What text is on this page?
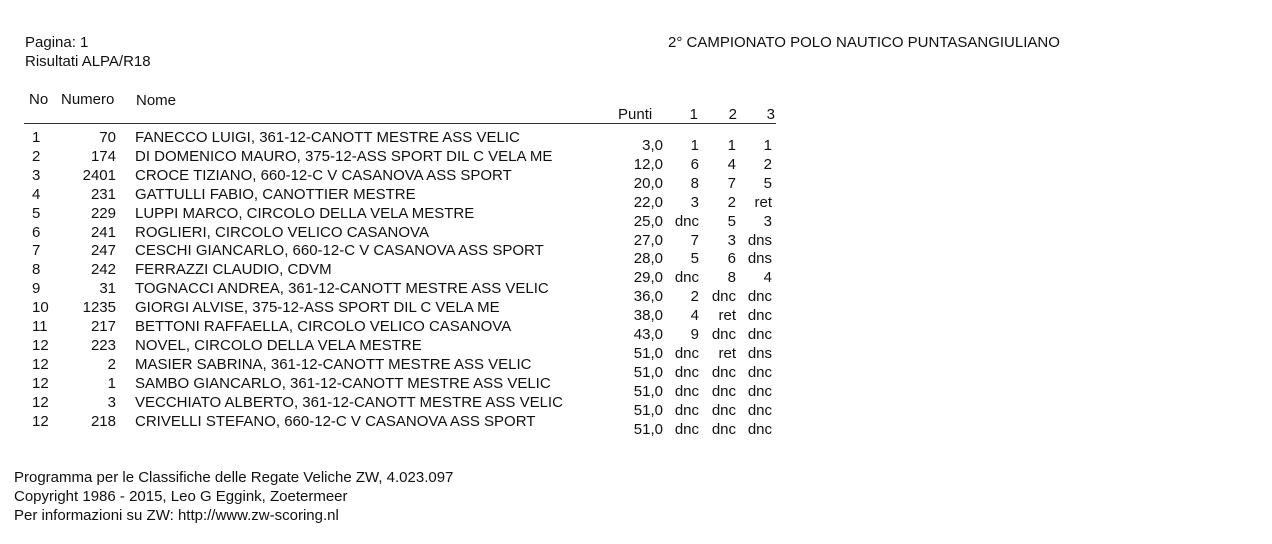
Pagina: 1
Risultati ALPA/R18
2° CAMPIONATO POLO NAUTICO PUNTASANGIULIANO
No Numero Nome
Punti 1 2 3
1	70 FANECCO LUIGI, 361-12-CANOTT MESTRE ASS VELIC	3,0 1 1 1
2	174 DI DOMENICO MAURO, 375-12-ASS SPORT DIL C VELA ME	12,0 6 4 2
3	2401 CROCE TIZIANO, 660-12-C V CASANOVA ASS SPORT	20,0 8 7 5
4	231 GATTULLI FABIO, CANOTTIER MESTRE	22,0 3 2 ret
5	229 LUPPI MARCO, CIRCOLO DELLA VELA MESTRE	25,0 dnc 5 3
6	241 ROGLIERI, CIRCOLO VELICO CASANOVA	27,0 7 3 dns
7	247 CESCHI GIANCARLO, 660-12-C V CASANOVA ASS SPORT	28,0 5 6 dns
8	242 FERRAZZI CLAUDIO, CDVM	29,0 dnc 8 4
9	31 TOGNACCI ANDREA, 361-12-CANOTT MESTRE ASS VELIC	36,0 2 dnc dnc
10	1235 GIORGI ALVISE, 375-12-ASS SPORT DIL C VELA ME	38,0 4 ret dnc
11	217 BETTONI RAFFAELLA, CIRCOLO VELICO CASANOVA	43,0 9 dnc dnc
12	223 NOVEL, CIRCOLO DELLA VELA MESTRE	51,0 dnc ret dns
12	2 MASIER SABRINA, 361-12-CANOTT MESTRE ASS VELIC	51,0 dnc dnc dnc
12	1 SAMBO GIANCARLO, 361-12-CANOTT MESTRE ASS VELIC	51,0 dnc dnc dnc
12	3 VECCHIATO ALBERTO, 361-12-CANOTT MESTRE ASS VELIC	51,0 dnc dnc dnc
12	218 CRIVELLI STEFANO, 660-12-C V CASANOVA ASS SPORT	51,0 dnc dnc dnc
Programma per le Classifiche delle Regate Veliche ZW, 4.023.097
Copyright 1986 - 2015, Leo G Eggink, Zoetermeer
Per informazioni su ZW: http://www.zw-scoring.nl
